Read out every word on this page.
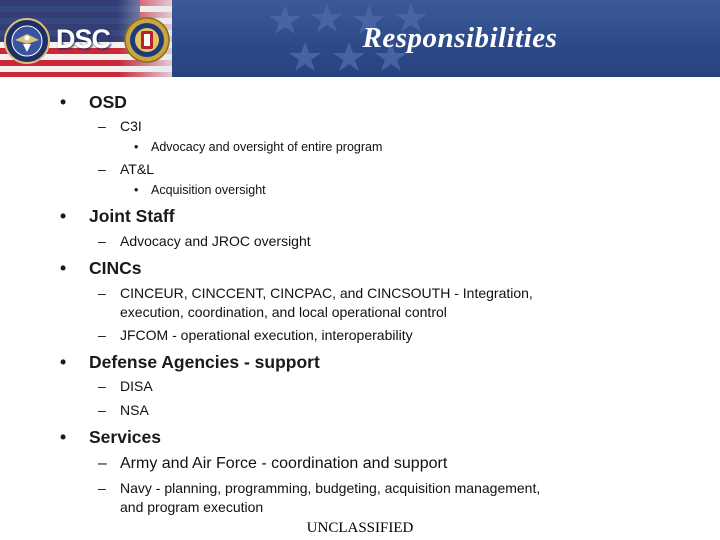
DSC	Responsibilities
• OSD
– C3I
• Advocacy and oversight of entire program
– AT&L
• Acquisition oversight
• Joint Staff
– Advocacy and JROC oversight
• CINCs
– CINCEUR, CINCCENT, CINCPAC, and CINCSOUTH - Integration,
execution, coordination, and local operational control
– JFCOM - operational execution, interoperability
• Defense Agencies - support
– DISA
– NSA
• Services
– Army and Air Force - coordination and support
– Navy - planning, programming, budgeting, acquisition management,
and program execution
UNCLASSIFIED
